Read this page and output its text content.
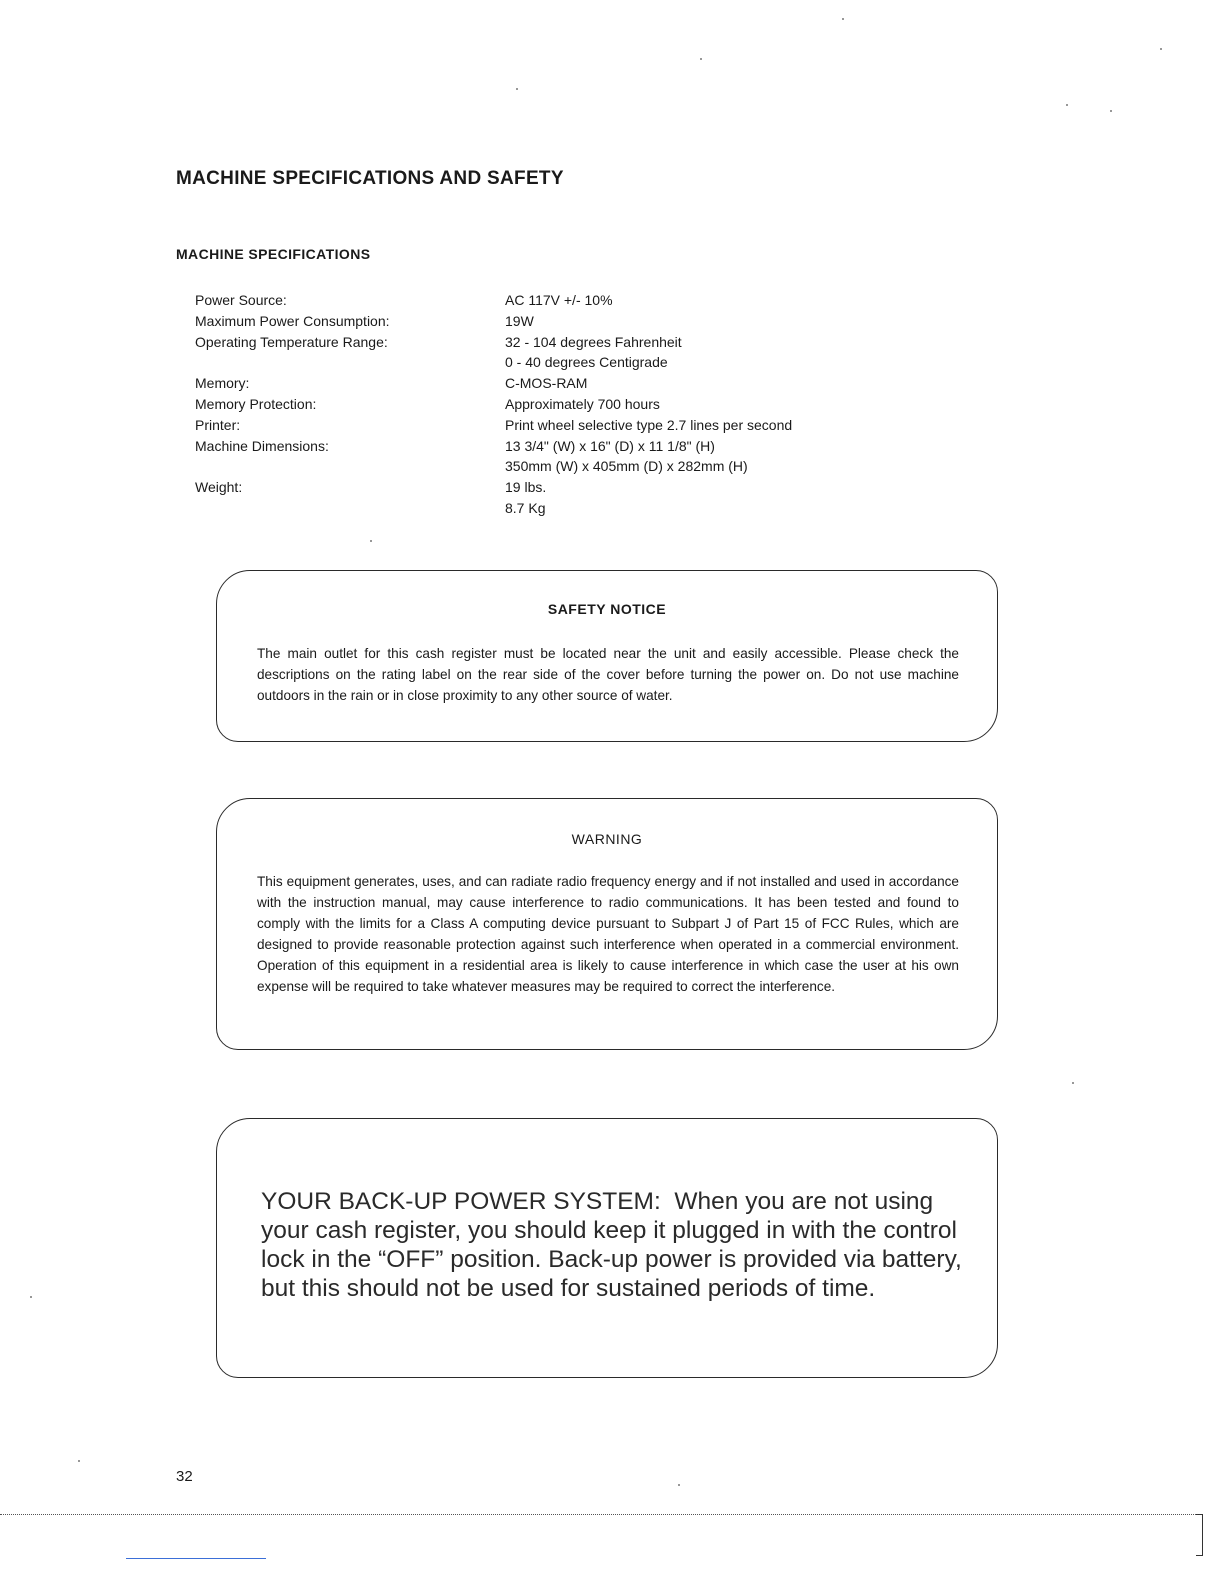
MACHINE SPECIFICATIONS AND SAFETY
MACHINE SPECIFICATIONS
Power Source:	AC 117V +/- 10%
Maximum Power Consumption:	19W
Operating Temperature Range:	32 - 104 degrees Fahrenheit
0 - 40 degrees Centigrade
Memory:	C-MOS-RAM
Memory Protection:	Approximately 700 hours
Printer:	Print wheel selective type 2.7 lines per second
Machine Dimensions:	13 3/4" (W) x 16" (D) x 11 1/8" (H)
350mm (W) x 405mm (D) x 282mm (H)
Weight:	19 lbs.
8.7 Kg
SAFETY NOTICE

The main outlet for this cash register must be located near the unit and easily accessible. Please check the descriptions on the rating label on the rear side of the cover before turning the power on. Do not use machine outdoors in the rain or in close proximity to any other source of water.

WARNING

This equipment generates, uses, and can radiate radio frequency energy and if not installed and used in accordance with the instruction manual, may cause interference to radio communications. It has been tested and found to comply with the limits for a Class A computing device pursuant to Subpart J of Part 15 of FCC Rules, which are designed to provide reasonable protection against such interference when operated in a commercial environment. Operation of this equipment in a residential area is likely to cause interference in which case the user at his own expense will be required to take whatever measures may be required to correct the interference.

YOUR BACK-UP POWER SYSTEM: When you are not using your cash register, you should keep it plugged in with the control lock in the “OFF” position. Back-up power is provided via battery, but this should not be used for sustained periods of time.

32
